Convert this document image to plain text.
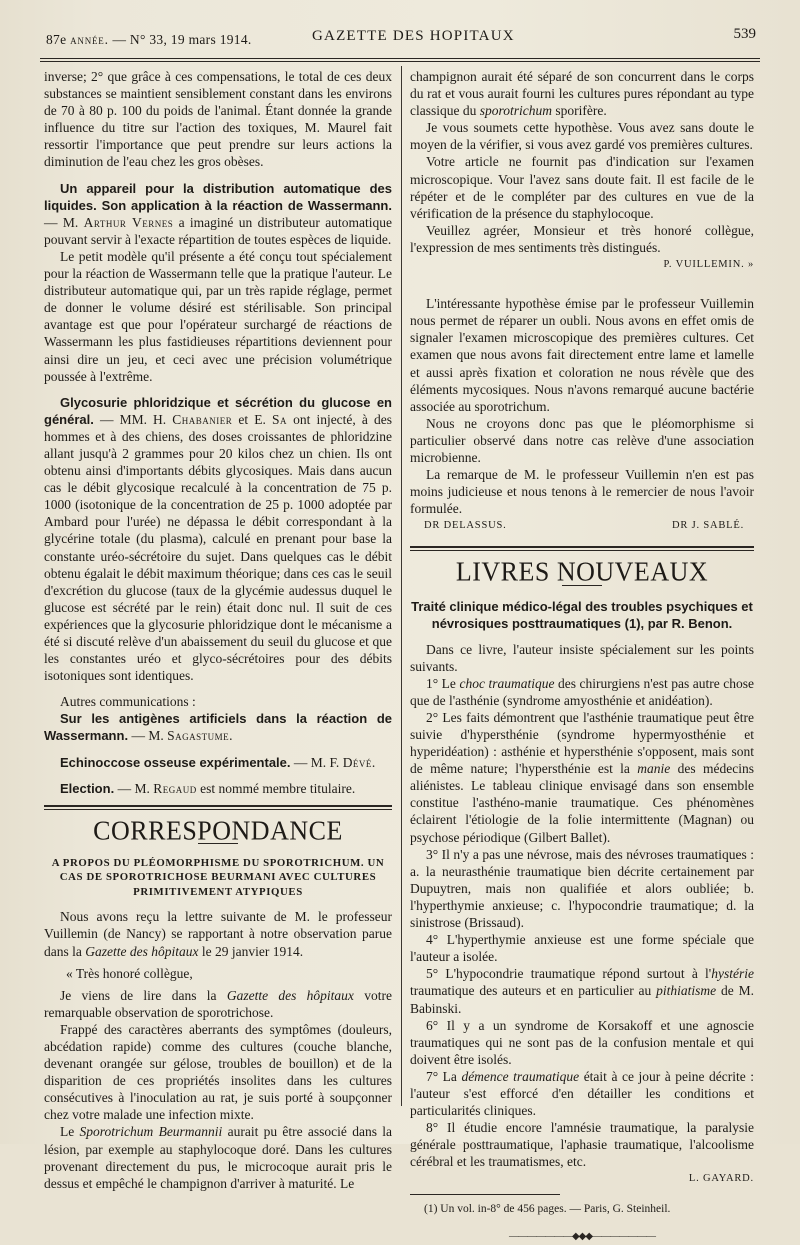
87e année. — N° 33, 19 mars 1914.	GAZETTE DES HOPITAUX	539

inverse; 2° que grâce à ces compensations, le total de ces deux substances se maintient sensiblement constant dans les environs de 70 à 80 p. 100 du poids de l'animal. Étant donnée la grande influence du titre sur l'action des toxiques, M. Maurel fait ressortir l'importance que peut prendre sur leurs actions la diminution de l'eau chez les gros obèses.

Un appareil pour la distribution automatique des liquides. Son application à la réaction de Wassermann. — M. Arthur Vernes a imaginé un distributeur automatique pouvant servir à l'exacte répartition de toutes espèces de liquide.

Le petit modèle qu'il présente a été conçu tout spécialement pour la réaction de Wassermann telle que la pratique l'auteur. Le distributeur automatique qui, par un très rapide réglage, permet de donner le volume désiré est stérilisable. Son principal avantage est que pour l'opérateur surchargé de réactions de Wassermann les plus fastidieuses répartitions deviennent pour ainsi dire un jeu, et ceci avec une précision volumétrique poussée à l'extrême.

Glycosurie phloridzique et sécrétion du glucose en général. — MM. H. Chabanier et E. Sa ont injecté, à des hommes et à des chiens, des doses croissantes de phloridzine allant jusqu'à 2 grammes pour 20 kilos chez un chien. Ils ont obtenu ainsi d'importants débits glycosiques. Mais dans aucun cas le débit glycosique recalculé à la concentration de 75 p. 1000 (isotonique de la concentration de 25 p. 1000 adoptée par Ambard pour l'urée) ne dépassa le débit correspondant à la glycérine totale (du plasma), calculé en prenant pour base la constante uréo-sécrétoire du sujet. Dans quelques cas le débit obtenu égalait le débit maximum théorique; dans ces cas le seuil d'excrétion du glucose (taux de la glycémie audessus duquel le glucose est sécrété par le rein) était donc nul. Il suit de ces expériences que la glycosurie phloridzique dont le mécanisme a été si discuté relève d'un abaissement du seuil du glucose et que les constantes uréo et glyco-sécrétoires pour des débits isotoniques sont identiques.

Autres communications :

Sur les antigènes artificiels dans la réaction de Wassermann. — M. Sagastume.

Echinoccose osseuse expérimentale. — M. F. Dévé.

Election. — M. Regaud est nommé membre titulaire.

CORRESPONDANCE
A PROPOS DU PLÉOMORPHISME DU SPOROTRICHUM. UN CAS DE SPOROTRICHOSE BEURMANI AVEC CULTURES PRIMITIVEMENT ATYPIQUES

Nous avons reçu la lettre suivante de M. le professeur Vuillemin (de Nancy) se rapportant à notre observation parue dans la Gazette des hôpitaux le 29 janvier 1914.

« Très honoré collègue,

Je viens de lire dans la Gazette des hôpitaux votre remarquable observation de sporotrichose.

Frappé des caractères aberrants des symptômes (douleurs, abcédation rapide) comme des cultures (couche blanche, devenant orangée sur gélose, troubles de bouillon) et de la disparition de ces propriétés insolites dans les cultures consécutives à l'inoculation au rat, je suis porté à soupçonner chez votre malade une infection mixte.

Le Sporotrichum Beurmannii aurait pu être associé dans la lésion, par exemple au staphylocoque doré. Dans les cultures provenant directement du pus, le microcoque aurait pris le dessus et empêché le champignon d'arriver à maturité. Le

champignon aurait été séparé de son concurrent dans le corps du rat et vous aurait fourni les cultures pures répondant au type classique du sporotrichum sporifère.

Je vous soumets cette hypothèse. Vous avez sans doute le moyen de la vérifier, si vous avez gardé vos premières cultures.

Votre article ne fournit pas d'indication sur l'examen microscopique. Vour l'avez sans doute fait. Il est facile de le répéter et de le compléter par des cultures en vue de la vérification de la présence du staphylocoque.

Veuillez agréer, Monsieur et très honoré collègue, l'expression de mes sentiments très distingués.

P. VUILLEMIN. »

L'intéressante hypothèse émise par le professeur Vuillemin nous permet de réparer un oubli. Nous avons en effet omis de signaler l'examen microscopique des premières cultures. Cet examen que nous avons fait directement entre lame et lamelle et aussi après fixation et coloration ne nous révèle que des éléments mycosiques. Nous n'avons remarqué aucune bactérie associée au sporotrichum.

Nous ne croyons donc pas que le pléomorphisme si particulier observé dans notre cas relève d'une association microbienne.

La remarque de M. le professeur Vuillemin n'en est pas moins judicieuse et nous tenons à le remercier de nous l'avoir formulée.

DR DELASSUS.	DR J. SABLÉ.
LIVRES NOUVEAUX
Traité clinique médico-légal des troubles psychiques et névrosiques posttraumatiques (1), par R. Benon.

Dans ce livre, l'auteur insiste spécialement sur les points suivants.

1° Le choc traumatique des chirurgiens n'est pas autre chose que de l'asthénie (syndrome amyosthénie et anidéation).

2° Les faits démontrent que l'asthénie traumatique peut être suivie d'hypersthénie (syndrome hypermyosthénie et hyperidéation) : asthénie et hypersthénie s'opposent, mais sont de même nature; l'hypersthénie est la manie des médecins aliénistes. Le tableau clinique envisagé dans son ensemble constitue l'asthéno-manie traumatique. Ces phénomènes éclairent l'étiologie de la folie intermittente (Magnan) ou psychose périodique (Gilbert Ballet).

3° Il n'y a pas une névrose, mais des névroses traumatiques : a. la neurasthénie traumatique bien décrite certainement par Dupuytren, mais non qualifiée et alors oubliée; b. l'hyperthymie anxieuse; c. l'hypocondrie traumatique; d. la sinistrose (Brissaud).

4° L'hyperthymie anxieuse est une forme spéciale que l'auteur a isolée.

5° L'hypocondrie traumatique répond surtout à l'hystérie traumatique des auteurs et en particulier au pithiatisme de M. Babinski.

6° Il y a un syndrome de Korsakoff et une agnoscie traumatiques qui ne sont pas de la confusion mentale et qui doivent être isolés.

7° La démence traumatique était à ce jour à peine décrite : l'auteur s'est efforcé d'en détailler les conditions et particularités cliniques.

8° Il étudie encore l'amnésie traumatique, la paralysie générale posttraumatique, l'aphasie traumatique, l'alcoolisme cérébral et les traumatismes, etc.

L. GAYARD.

(1) Un vol. in-8° de 456 pages. — Paris, G. Steinheil.

———————◆◆◆———————
